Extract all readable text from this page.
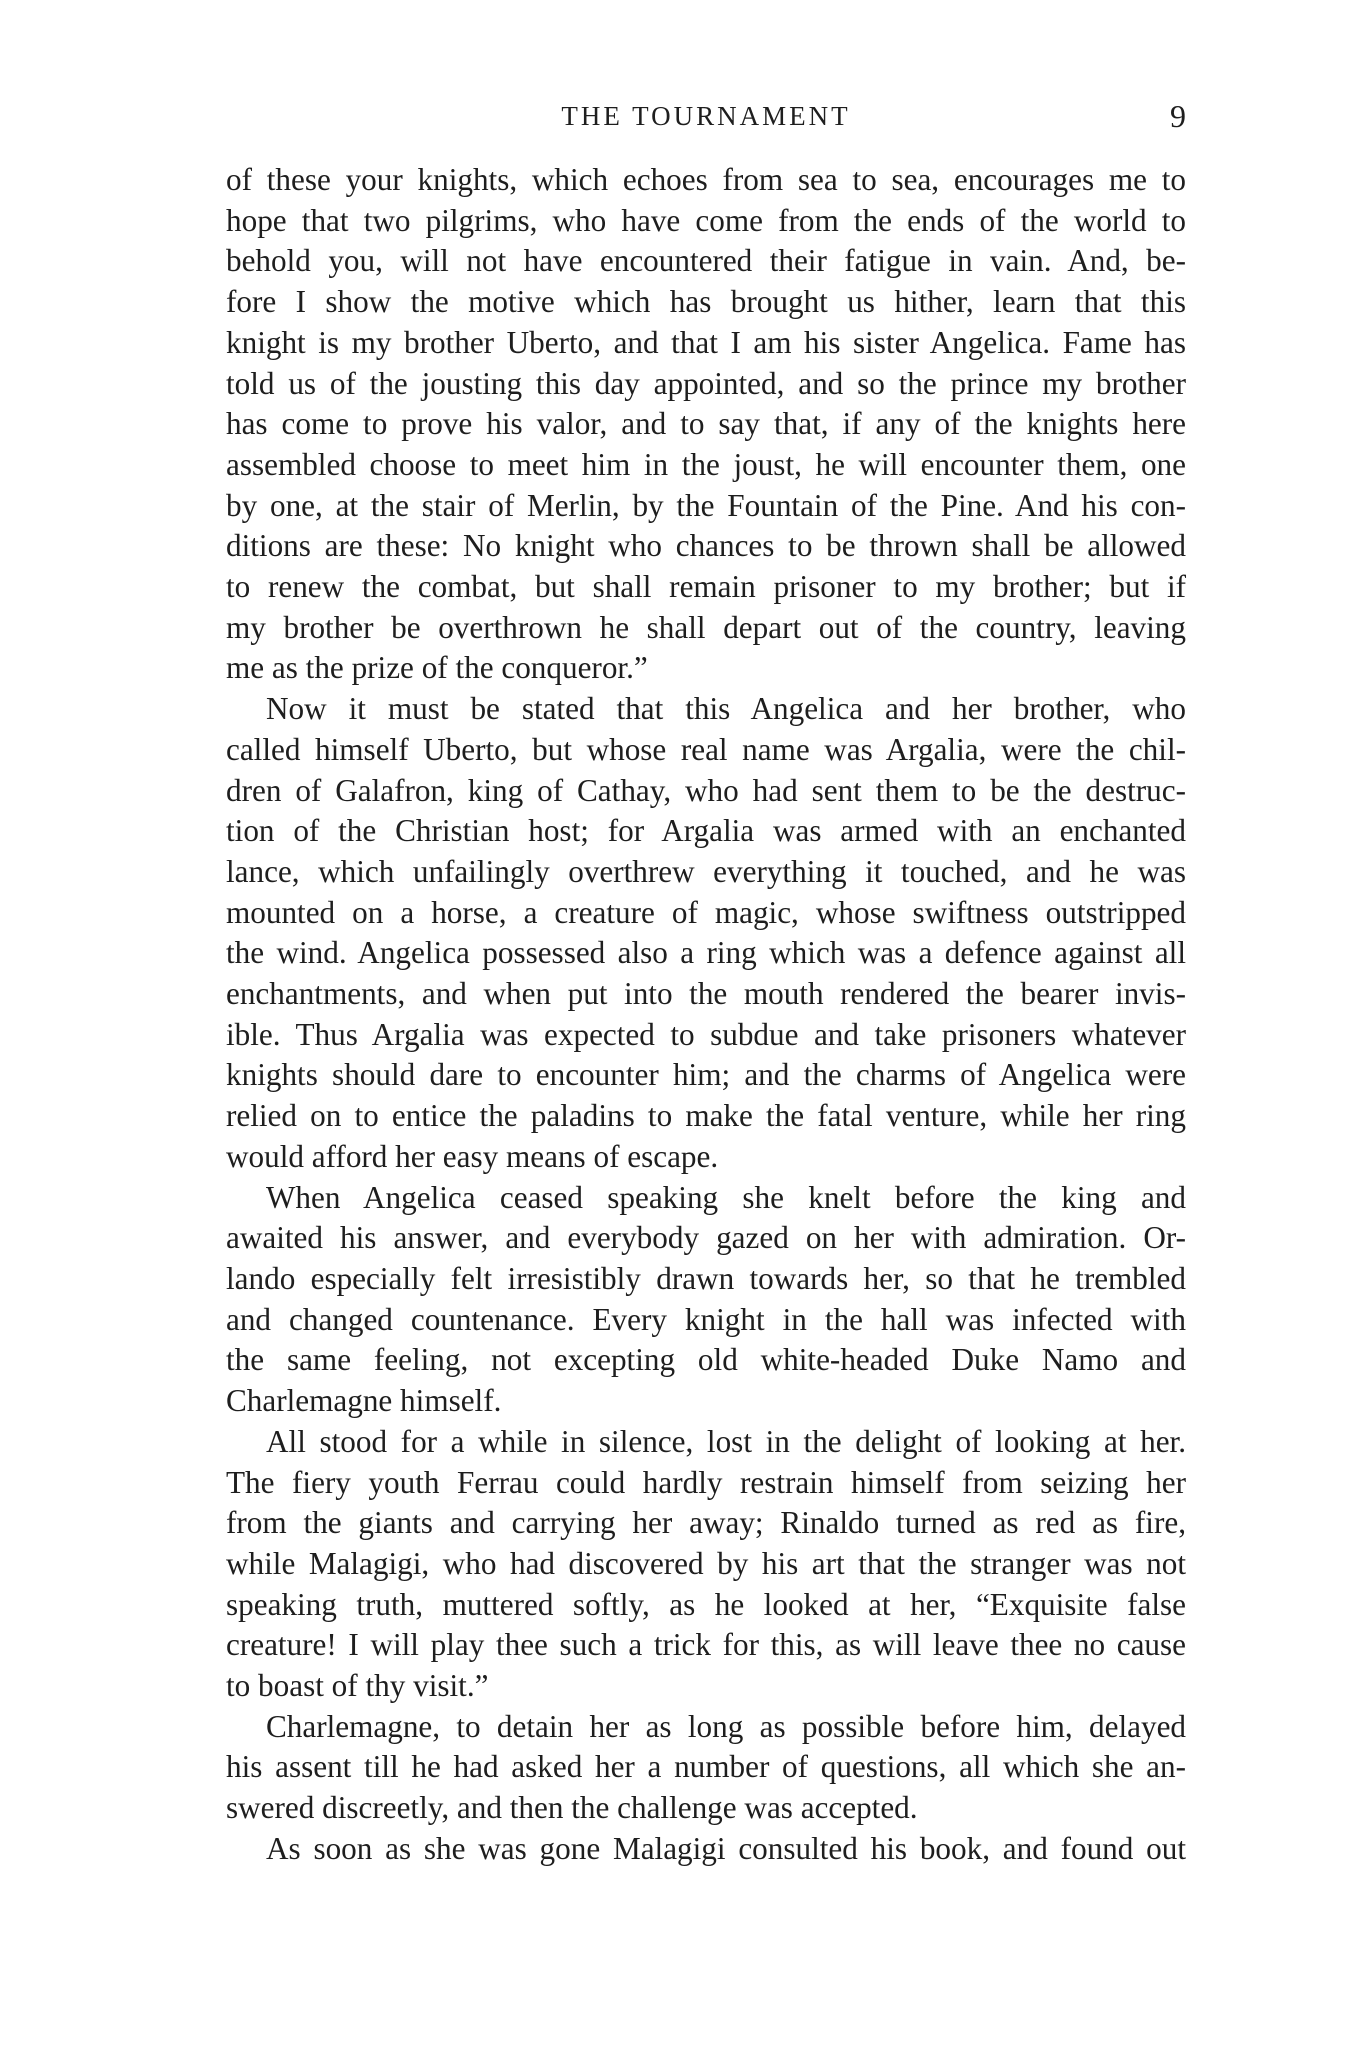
THE TOURNAMENT	9
of these your knights, which echoes from sea to sea, encourages me to
hope that two pilgrims, who have come from the ends of the world to
behold you, will not have encountered their fatigue in vain. And, be-
fore I show the motive which has brought us hither, learn that this
knight is my brother Uberto, and that I am his sister Angelica. Fame has
told us of the jousting this day appointed, and so the prince my brother
has come to prove his valor, and to say that, if any of the knights here
assembled choose to meet him in the joust, he will encounter them, one
by one, at the stair of Merlin, by the Fountain of the Pine. And his con-
ditions are these: No knight who chances to be thrown shall be allowed
to renew the combat, but shall remain prisoner to my brother; but if
my brother be overthrown he shall depart out of the country, leaving
me as the prize of the conqueror.”
Now it must be stated that this Angelica and her brother, who
called himself Uberto, but whose real name was Argalia, were the chil-
dren of Galafron, king of Cathay, who had sent them to be the destruc-
tion of the Christian host; for Argalia was armed with an enchanted
lance, which unfailingly overthrew everything it touched, and he was
mounted on a horse, a creature of magic, whose swiftness outstripped
the wind. Angelica possessed also a ring which was a defence against all
enchantments, and when put into the mouth rendered the bearer invis-
ible. Thus Argalia was expected to subdue and take prisoners whatever
knights should dare to encounter him; and the charms of Angelica were
relied on to entice the paladins to make the fatal venture, while her ring
would afford her easy means of escape.
When Angelica ceased speaking she knelt before the king and
awaited his answer, and everybody gazed on her with admiration. Or-
lando especially felt irresistibly drawn towards her, so that he trembled
and changed countenance. Every knight in the hall was infected with
the same feeling, not excepting old white-headed Duke Namo and
Charlemagne himself.
All stood for a while in silence, lost in the delight of looking at her.
The fiery youth Ferrau could hardly restrain himself from seizing her
from the giants and carrying her away; Rinaldo turned as red as fire,
while Malagigi, who had discovered by his art that the stranger was not
speaking truth, muttered softly, as he looked at her, “Exquisite false
creature! I will play thee such a trick for this, as will leave thee no cause
to boast of thy visit.”
Charlemagne, to detain her as long as possible before him, delayed
his assent till he had asked her a number of questions, all which she an-
swered discreetly, and then the challenge was accepted.
As soon as she was gone Malagigi consulted his book, and found out
